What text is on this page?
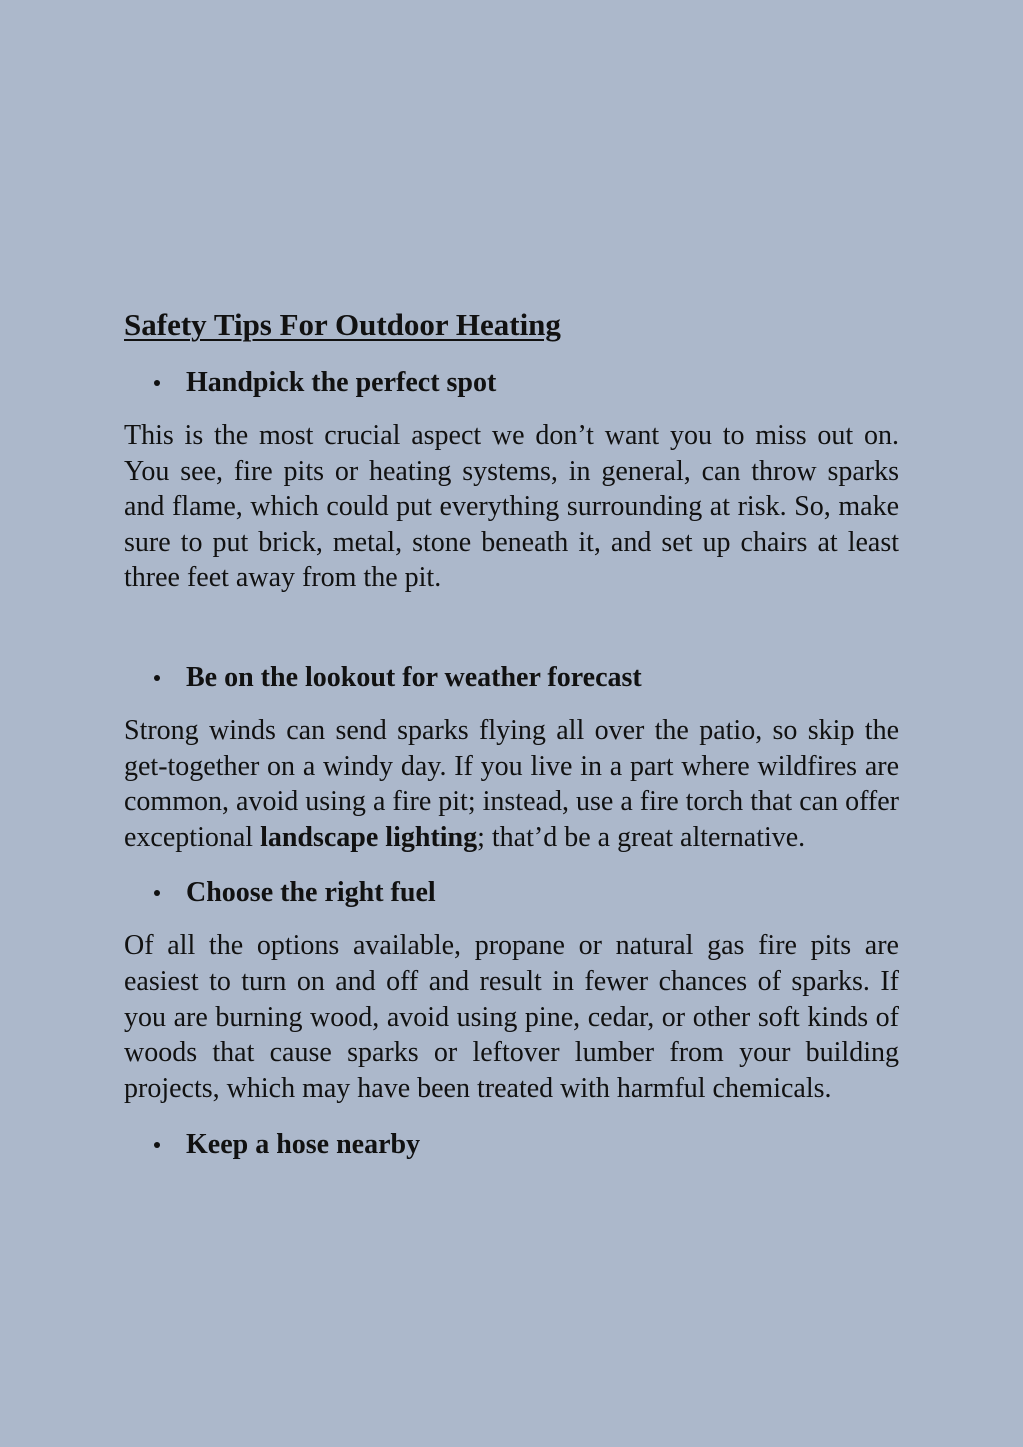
Safety Tips For Outdoor Heating
Handpick the perfect spot

This is the most crucial aspect we don’t want you to miss out on. You see, fire pits or heating systems, in general, can throw sparks and flame, which could put everything surrounding at risk. So, make sure to put brick, metal, stone beneath it, and set up chairs at least three feet away from the pit.

Be on the lookout for weather forecast

Strong winds can send sparks flying all over the patio, so skip the get-together on a windy day. If you live in a part where wildfires are common, avoid using a fire pit; instead, use a fire torch that can offer exceptional landscape lighting; that’d be a great alternative.

Choose the right fuel

Of all the options available, propane or natural gas fire pits are easiest to turn on and off and result in fewer chances of sparks. If you are burning wood, avoid using pine, cedar, or other soft kinds of woods that cause sparks or leftover lumber from your building projects, which may have been treated with harmful chemicals.

Keep a hose nearby
